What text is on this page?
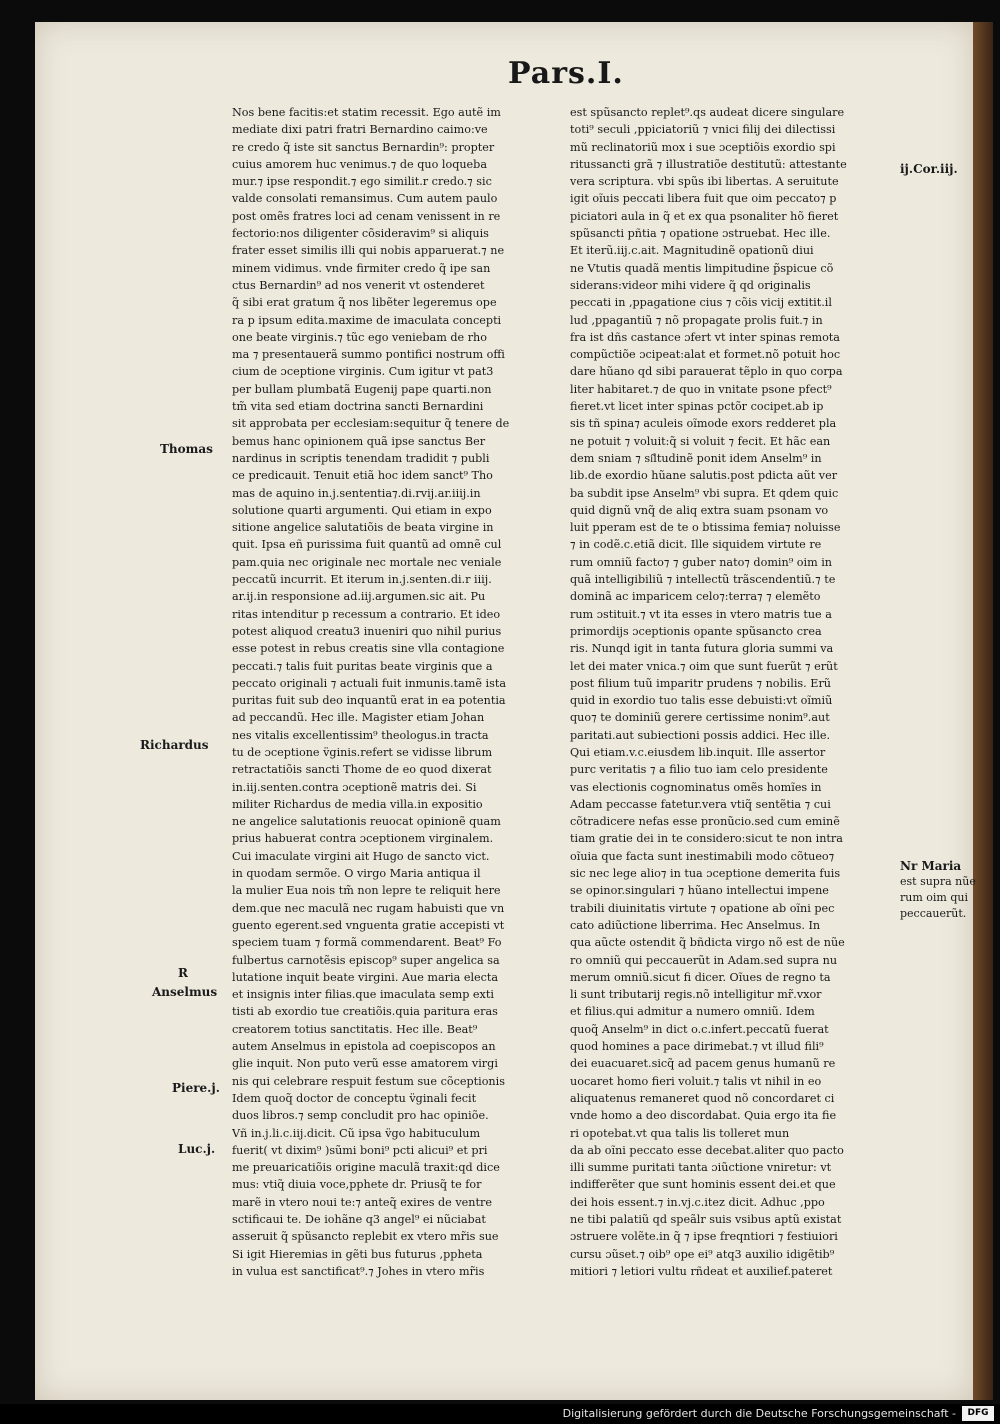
Pars.I.
Nos bene facitis:et statim recessit. Ego autẽ im
mediate dixi patri fratri Bernardino caimo:ve
re credo q̃ iste sit sanctus Bernardin⁹: propter
cuius amorem huc venimus.⁊ de quo loqueba
mur.⁊ ipse respondit.⁊ ego similit.r credo.⁊ sic
valde consolati remansimus. Cum autem paulo
post omẽs fratres loci ad cenam venissent in re
fectorio:nos diligenter cõsideravim⁹ si aliquis
frater esset similis illi qui nobis apparuerat.⁊ ne
minem vidimus. vnde firmiter credo q̃ ipe san
ctus Bernardin⁹ ad nos venerit vt ostenderet
q̃ sibi erat gratum q̃ nos libẽter legeremus ope
ra p ipsum edita.maxime de imaculata concepti
one beate virginis.⁊ tũc ego veniebam de rho
ma ⁊ presentauerã summo pontifici nostrum offi
cium de ɔceptione virginis. Cum igitur vt pat3
per bullam plumbatã Eugenij pape quarti.non
tm̃ vita sed etiam doctrina sancti Bernardini
sit approbata per ecclesiam:sequitur q̃ tenere de
bemus hanc opinionem quã ipse sanctus Ber
nardinus in scriptis tenendam tradidit ⁊ publi
ce predicauit. Tenuit etiã hoc idem sanct⁹ Tho
mas de aquino in.j.sententia⁊.di.rvij.ar.iiij.in
solutione quarti argumenti. Qui etiam in expo
sitione angelice salutatiõis de beata virgine in
quit. Ipsa eñ purissima fuit quantũ ad omnẽ cul
pam.quia nec originale nec mortale nec veniale
peccatũ incurrit. Et iterum in.j.senten.di.r iiij.
ar.ij.in responsione ad.iij.argumen.sic ait. Pu
ritas intenditur p recessum a contrario. Et ideo
potest aliquod creatu3 inueniri quo nihil purius
esse potest in rebus creatis sine vlla contagione
peccati.⁊ talis fuit puritas beate virginis que a
peccato originali ⁊ actuali fuit inmunis.tamẽ ista
puritas fuit sub deo inquantũ erat in ea potentia
ad peccandũ. Hec ille. Magister etiam Johan
nes vitalis excellentissim⁹ theologus.in tracta
tu de ɔceptione v̈ginis.refert se vidisse librum
retractatiõis sancti Thome de eo quod dixerat
in.iij.senten.contra ɔceptionẽ matris dei. Si
militer Richardus de media villa.in expositio
ne angelice salutationis reuocat opinionẽ quam
prius habuerat contra ɔceptionem virginalem.
Cui imaculate virgini ait Hugo de sancto vict.
in quodam sermõe. O virgo Maria antiqua il
la mulier Eua nois tm̃ non lepre te reliquit here
dem.que nec maculã nec rugam habuisti que vn
guento egerent.sed vnguenta gratie accepisti vt
speciem tuam ⁊ formã commendarent. Beat⁹ Fo
fulbertus carnotẽsis episcop⁹ super angelica sa
lutatione inquit beate virgini. Aue maria electa
et insignis inter filias.que imaculata semp exti
tisti ab exordio tue creatiõis.quia paritura eras
creatorem totius sanctitatis. Hec ille. Beat⁹
autem Anselmus in epistola ad coepiscopos an
glie inquit. Non puto verũ esse amatorem virgi
nis qui celebrare respuit festum sue cõceptionis
Idem quoq̃ doctor de conceptu v̈ginali fecit
duos libros.⁊ semp concludit pro hac opiniõe.
Vñ in.j.li.c.iij.dicit. Cũ ipsa v̈go habituculum
fuerit( vt dixim⁹ )sũmi boni⁹ pcti alicui⁹ et pri
me preuaricatiõis origine maculã traxit:qd dice
mus: vtiq̃ diuia voce,pphete dr. Priusq̃ te for
marẽ in vtero noui te:⁊ anteq̃ exires de ventre
sctificaui te. De iohãne q3 angel⁹ ei nũciabat
asseruit q̃ spũsancto replebit ex vtero mr̃is sue
Si igit Hieremias in gẽti bus futurus ,ppheta
in vulua est sanctificat⁹.⁊ Johes in vtero mr̃is
est spũsancto replet⁹.qs audeat dicere singulare
toti⁹ seculi ,ppiciatoriũ ⁊ vnici filij dei dilectissi
mũ reclinatoriũ mox i sue ɔceptiõis exordio spi
ritussancti grã ⁊ illustratiõe destitutũ: attestante
vera scriptura. vbi spũs ibi libertas. A seruitute
igit oĩuis peccati libera fuit que oim peccato⁊ p
piciatori aula in q̃ et ex qua psonaliter hõ fieret
spũsancti pñtia ⁊ opatione ɔstruebat. Hec ille.
Et iterũ.iij.c.ait. Magnitudinẽ opationũ diui
ne Vtutis quadã mentis limpitudine p̃spicue cõ
siderans:videor mihi videre q̃ qd originalis
peccati in ,ppagatione cius ⁊ cõis vicij extitit.il
lud ,ppagantiũ ⁊ nõ propagate prolis fuit.⁊ in
fra ist dñs castance ɔfert vt inter spinas remota
compũctiõe ɔcipeat:alat et formet.nõ potuit hoc
dare hũano qd sibi parauerat tẽplo in quo corpa
liter habitaret.⁊ de quo in vnitate psone pfect⁹
fieret.vt licet inter spinas pctõr cocipet.ab ip
sis tñ spina⁊ aculeis oĩmode exors redderet pla
ne potuit ⁊ voluit:q̃ si voluit ⁊ fecit. Et hãc ean
dem sniam ⁊ si͂ltudinẽ ponit idem Anselm⁹ in
lib.de exordio hũane salutis.post pdicta aũt ver
ba subdit ipse Anselm⁹ vbi supra. Et qdem quic
quid dignũ vnq̃ de aliq extra suam psonam vo
luit pperam est de te o btissima femia⁊ noluisse
⁊ in codẽ.c.etiã dicit. Ille siquidem virtute re
rum omniũ facto⁊ ⁊ guber nato⁊ domin⁹ oim in
quã intelligibiliũ ⁊ intellectũ trãscendentiũ.⁊ te
dominã ac imparicem celo⁊:terra⁊ ⁊ elemẽto
rum ɔstituit.⁊ vt ita esses in vtero matris tue a
primordijs ɔceptionis opante spũsancto crea
ris. Nunqd igit in tanta futura gloria summi va
let dei mater vnica.⁊ oim que sunt fuerũt ⁊ erũt
post filium tuũ imparitr prudens ⁊ nobilis. Erũ
quid in exordio tuo talis esse debuisti:vt oĩmiũ
quo⁊ te dominiũ gerere certissime nonim⁹.aut
paritati.aut subiectioni possis addici. Hec ille.
Qui etiam.v.c.eiusdem lib.inquit. Ille assertor
purc veritatis ⁊ a filio tuo iam celo presidente
vas electionis cognominatus omẽs homĩes in
Adam peccasse fatetur.vera vtiq̃ sentẽtia ⁊ cui
cõtradicere nefas esse pronũcio.sed cum eminẽ
tiam gratie dei in te consideroːsicut te non intra
oĩuia que facta sunt inestimabili modo cõtueo⁊
sic nec lege alio⁊ in tua ɔceptione demerita fuis
se opinor.singulari ⁊ hũano intellectui impene
trabili diuinitatis virtute ⁊ opatione ab oĩni pec
cato adiũctione liberrima. Hec Anselmus. In
qua aũcte ostendit q̃ bñdicta virgo nõ est de nũe
ro omniũ qui peccauerũt in Adam.sed supra nu
merum omniũ.sicut fi dicer. Oĩues de regno ta
li sunt tributarij regis.nõ intelligitur mr̃.vxor
et filius.qui admitur a numero omniũ. Idem
quoq̃ Anselm⁹ in dict o.c.infert.peccatũ fuerat
quod homines a pace dirimebat.⁊ vt illud fili⁹
dei euacuaret.sicq̃ ad pacem genus humanũ re
uocaret homo fieri voluit.⁊ talis vt nihil in eo
aliquatenus remaneret quod nõ concordaret ci
vnde homo a deo discordabat. Quia ergo ita fie
ri opotebat.vt qua talis lis tolleret mun
da ab oĩni peccato esse decebat.aliter quo pacto
illi summe puritati tanta ɔiũctione vniretur: vt
indifferẽter que sunt hominis essent dei.et que
dei hois essent.⁊ in.vj.c.itez dicit. Adhuc ,ppo
ne tibi palatiũ qd speãlr suis vsibus aptũ existat
ɔstruere volẽte.in q̃ ⁊ ipse freqntiori ⁊ festiuiori
cursu ɔũset.⁊ oib⁹ ope ei⁹ atq3 auxilio idigẽtib⁹
mitiori ⁊ letiori vultu rñdeat et auxilief.pateret
Thomas
Richardus
R
Anselmus
Piere.j.
Luc.j.
ij.Cor.iij.
Nr Maria
est supra nũe
rum oim qui
peccauerũt.
Digitalisierung gefördert durch die Deutsche Forschungsgemeinschaft -	DFG
